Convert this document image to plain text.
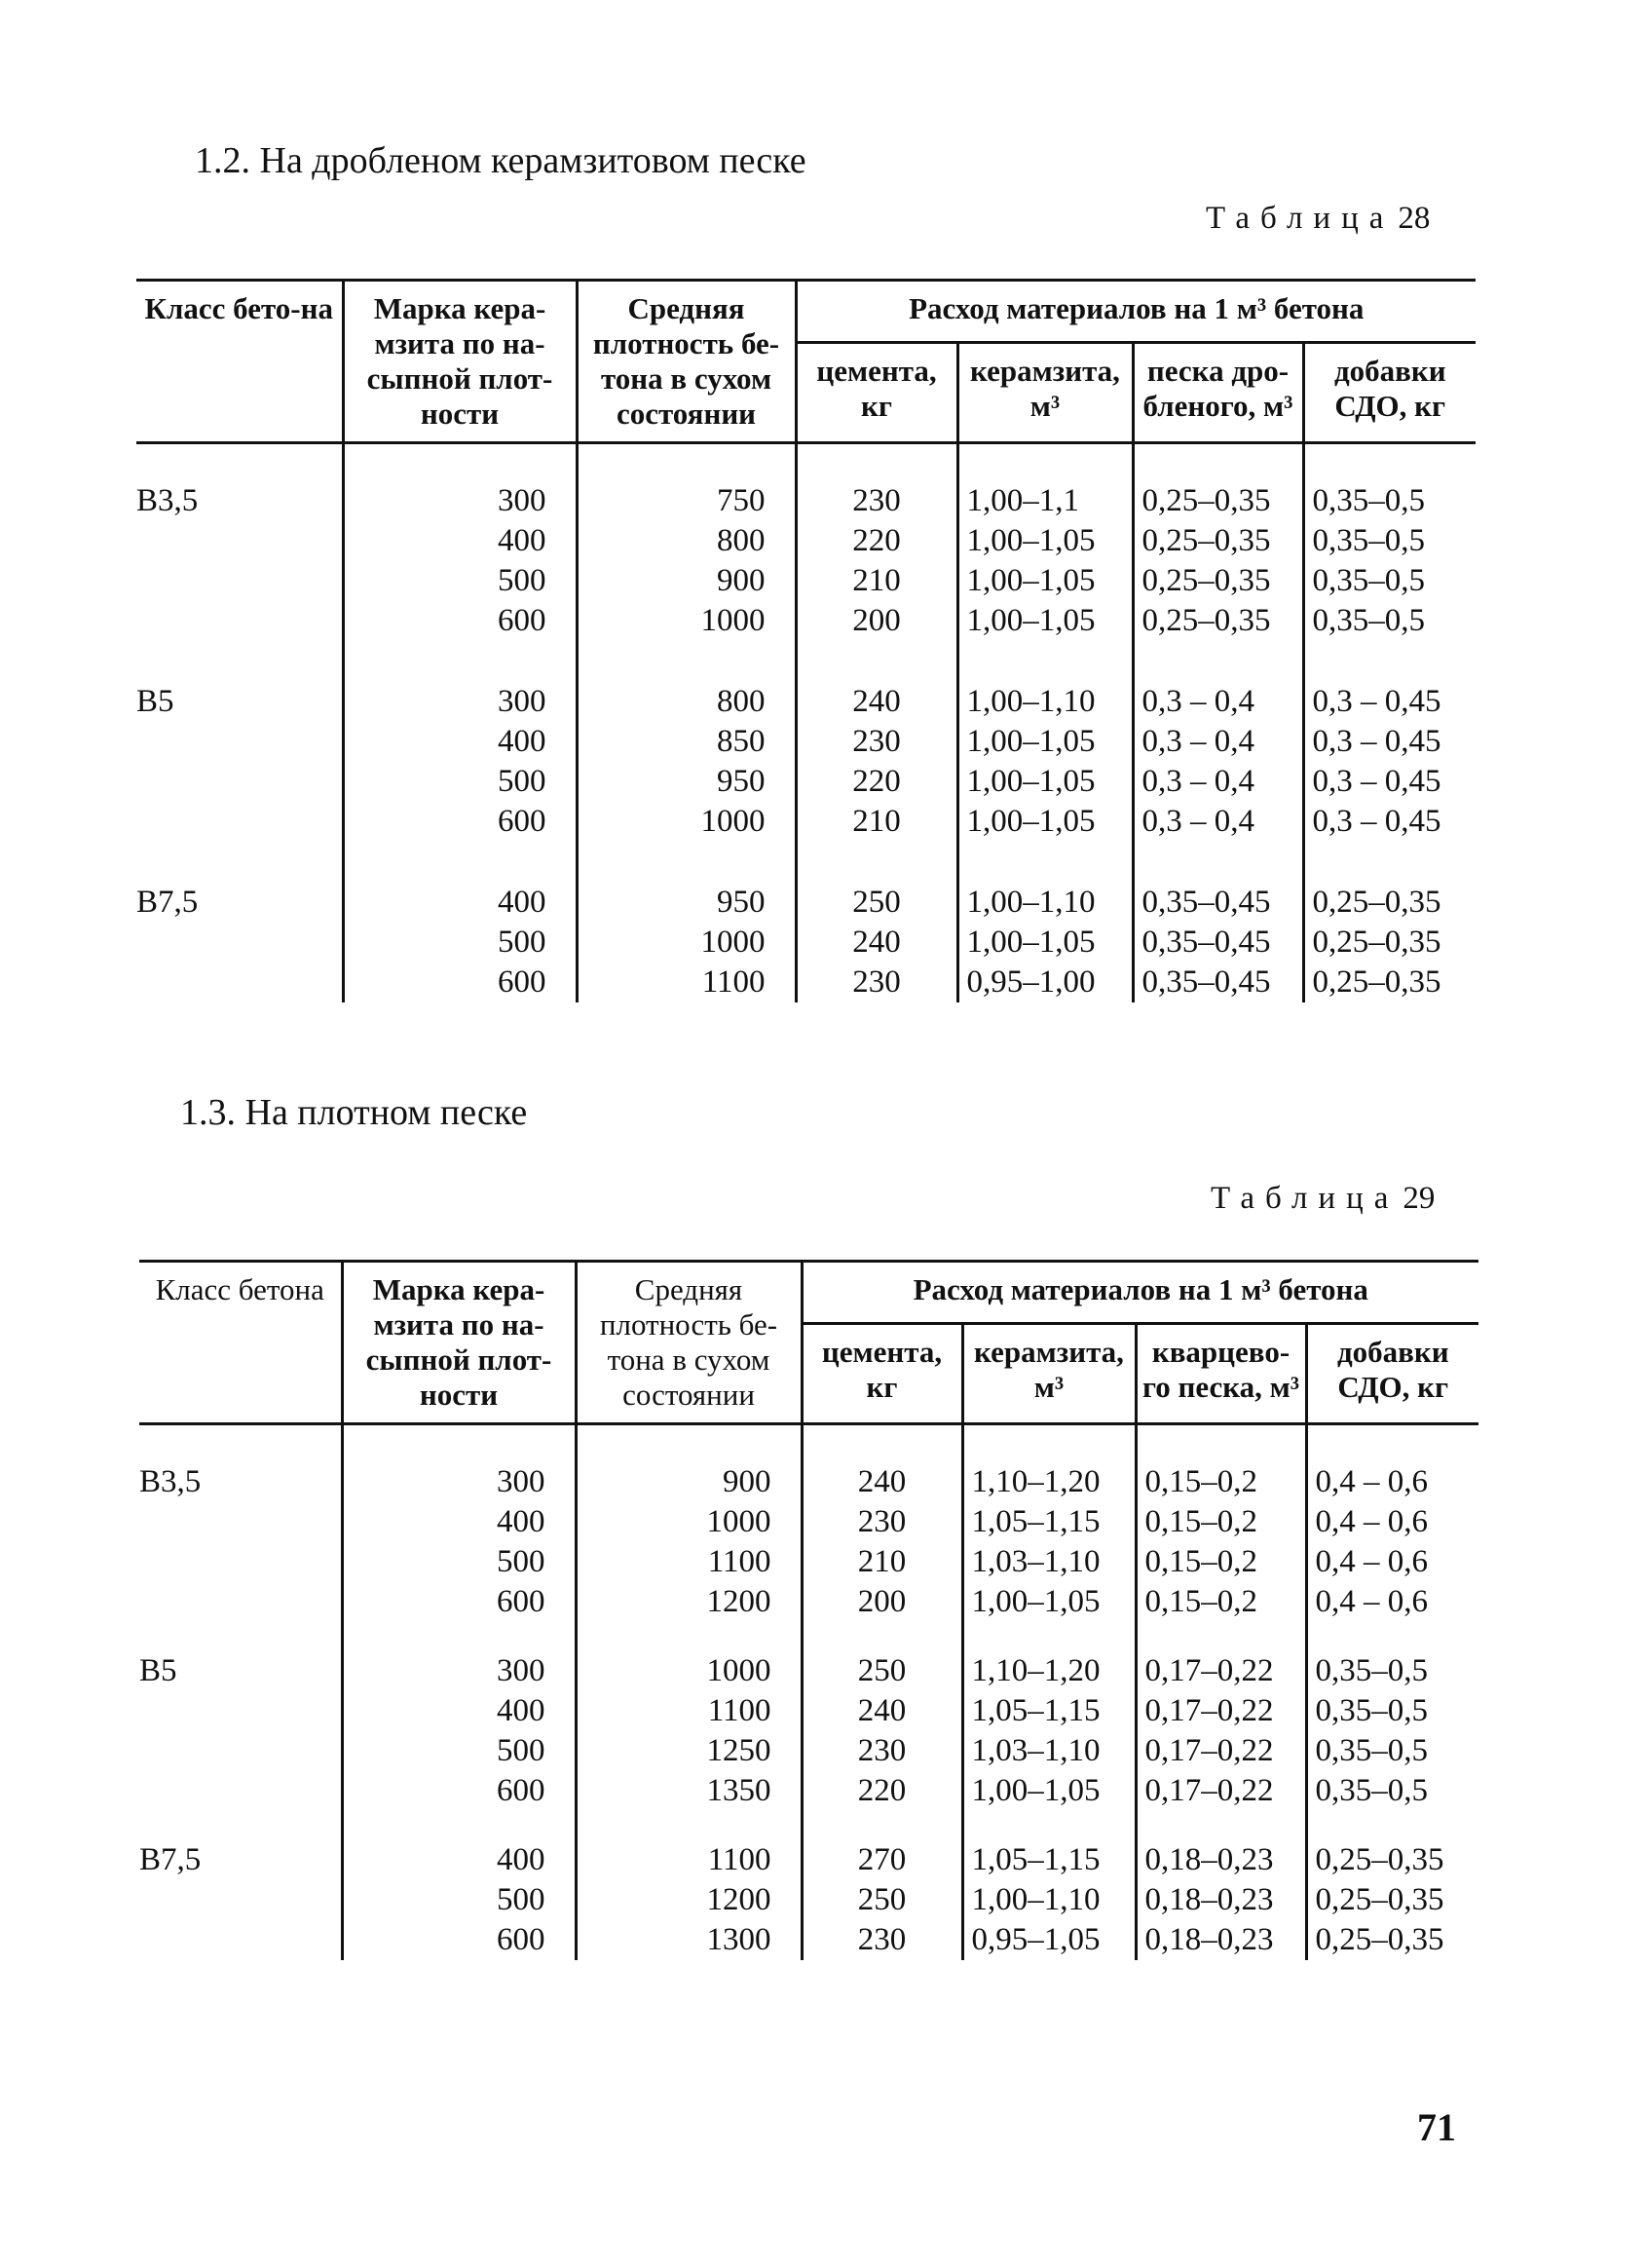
1.2. На дробленом керамзитовом песке
Таблица 28
Класс бето-на	Марка кера-мзита по на-сыпной плот-ности	Средняя плотность бе-тона в сухом состоянии	Расход материалов на 1 м³ бетона			
			цемента, кг	керамзита, м³	песка дро-бленого, м³	добавки СДО, кг

B3,5	300	750	230	1,00–1,1	0,25–0,35	0,35–0,5
	400	800	220	1,00–1,05	0,25–0,35	0,35–0,5
	500	900	210	1,00–1,05	0,25–0,35	0,35–0,5
	600	1000	200	1,00–1,05	0,25–0,35	0,35–0,5

B5	300	800	240	1,00–1,10	0,3 – 0,4	0,3 – 0,45
	400	850	230	1,00–1,05	0,3 – 0,4	0,3 – 0,45
	500	950	220	1,00–1,05	0,3 – 0,4	0,3 – 0,45
	600	1000	210	1,00–1,05	0,3 – 0,4	0,3 – 0,45

B7,5	400	950	250	1,00–1,10	0,35–0,45	0,25–0,35
	500	1000	240	1,00–1,05	0,35–0,45	0,25–0,35
	600	1100	230	0,95–1,00	0,35–0,45	0,25–0,35
1.3. На плотном песке
Таблица 29
Класс бетона	Марка кера-мзита по на-сыпной плот-ности	Средняя плотность бе-тона в сухом состоянии	Расход материалов на 1 м³ бетона			
			цемента, кг	керамзита, м³	кварцево-го песка, м³	добавки СДО, кг

B3,5	300	900	240	1,10–1,20	0,15–0,2	0,4 – 0,6
	400	1000	230	1,05–1,15	0,15–0,2	0,4 – 0,6
	500	1100	210	1,03–1,10	0,15–0,2	0,4 – 0,6
	600	1200	200	1,00–1,05	0,15–0,2	0,4 – 0,6

B5	300	1000	250	1,10–1,20	0,17–0,22	0,35–0,5
	400	1100	240	1,05–1,15	0,17–0,22	0,35–0,5
	500	1250	230	1,03–1,10	0,17–0,22	0,35–0,5
	600	1350	220	1,00–1,05	0,17–0,22	0,35–0,5

B7,5	400	1100	270	1,05–1,15	0,18–0,23	0,25–0,35
	500	1200	250	1,00–1,10	0,18–0,23	0,25–0,35
	600	1300	230	0,95–1,05	0,18–0,23	0,25–0,35
71
